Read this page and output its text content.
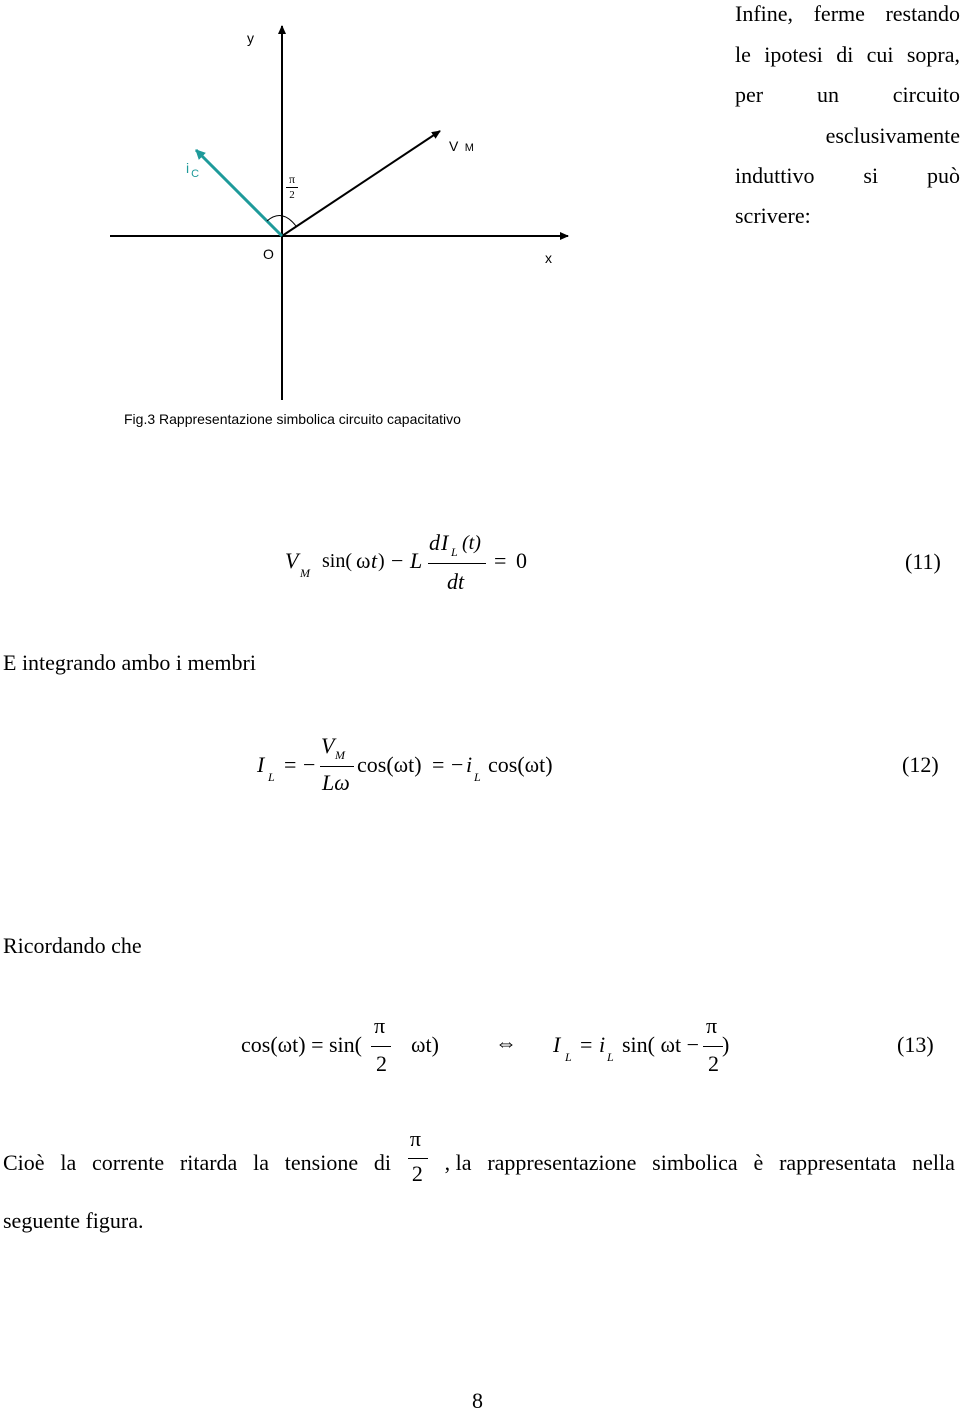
y
x
O
V M
i $_C$	π
2
Fig.3 Rappresentazione simbolica circuito capacitativo
Infine, ferme restando
le ipotesi di cui sopra,
per un circuito
esclusivamente
induttivo si può
scrivere:
V M
sin( ω t ) − L
d I L (t)
dt
= 0	(11)
E integrando ambo i membri
I L = −
V M
Lω
cos(ωt) = − i L cos(ωt)	(12)
Ricordando che
cos(ωt) = sin(
π
2
ωt)	⇔ I L = i L sin( ωt −
π
2
)	(13)
Cioè la corrente ritarda la tensione di
π
2 , la rappresentazione simbolica è rappresentata nella
seguente figura.
8
